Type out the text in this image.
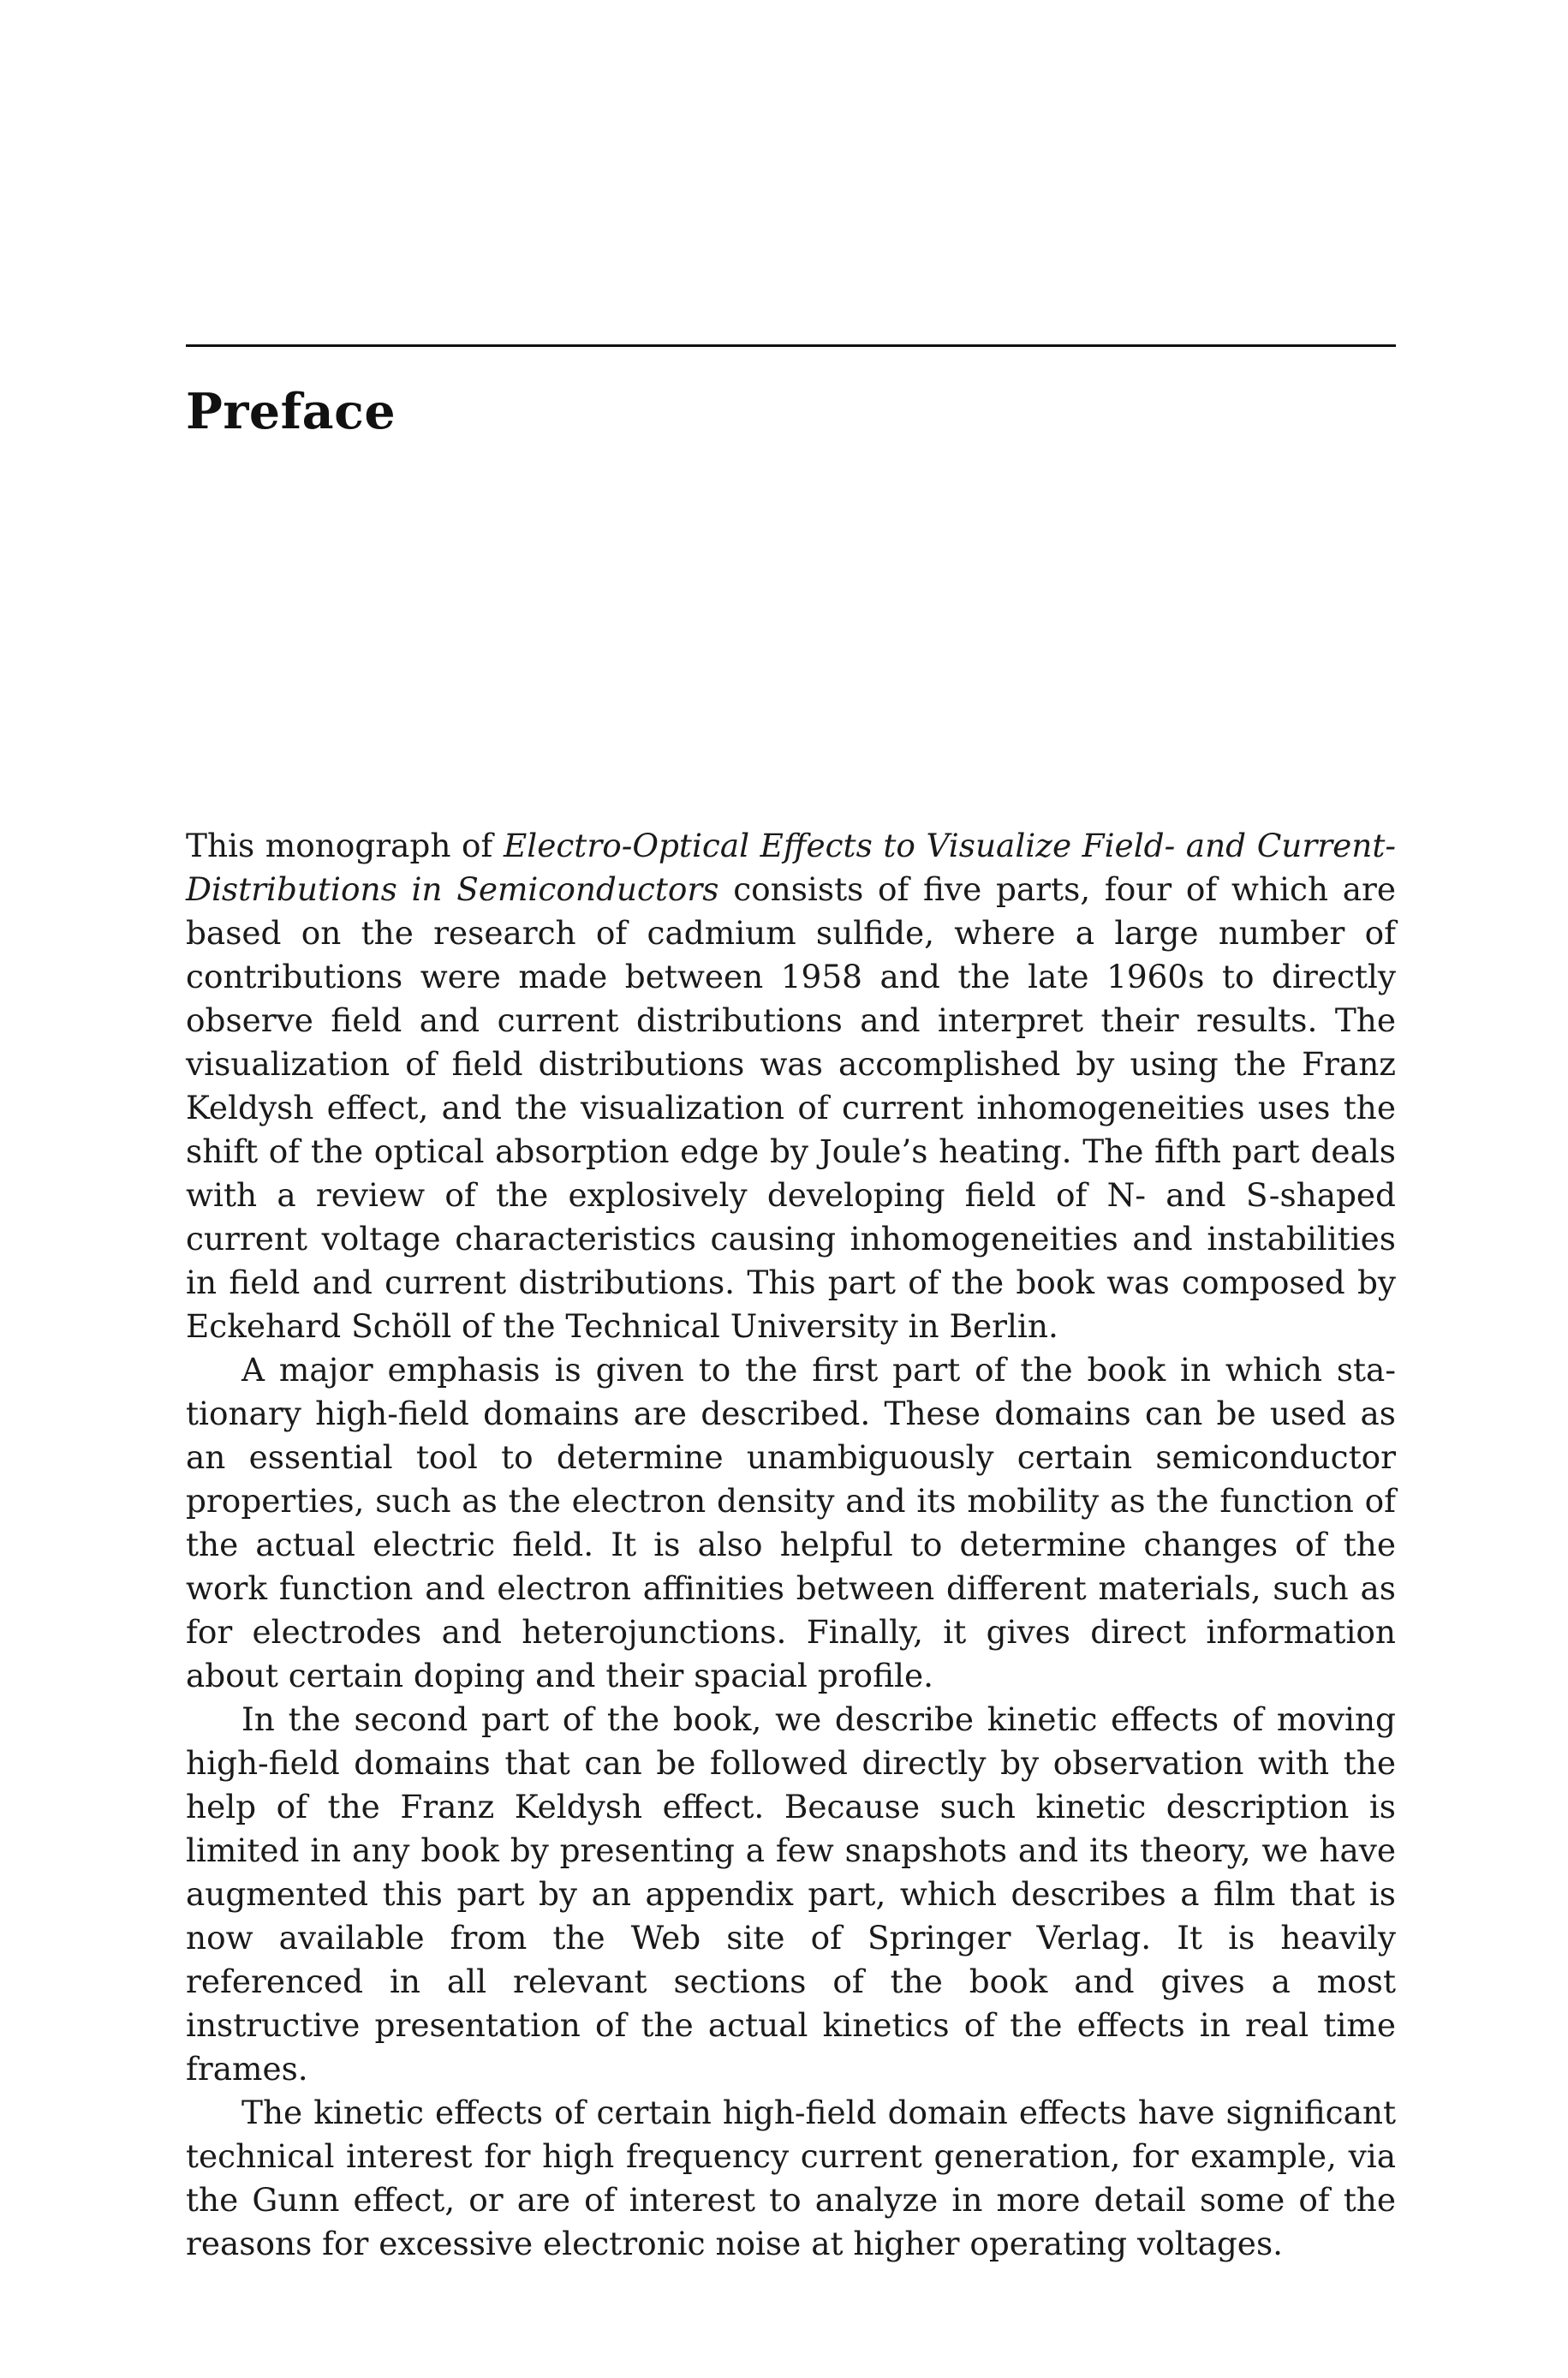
Preface

This monograph of Electro-Optical Effects to Visualize Field- and Current-Distributions in Semiconductors consists of five parts, four of which are based on the research of cadmium sulfide, where a large number of contributions were made between 1958 and the late 1960s to directly observe field and current distributions and interpret their results. The visualization of field distributions was accomplished by using the Franz Keldysh effect, and the visualization of current inhomogeneities uses the shift of the optical absorption edge by Joule’s heating. The fifth part deals with a review of the explosively developing field of N- and S-shaped current voltage characteristics causing inhomogeneities and instabilities in field and current distributions. This part of the book was composed by Eckehard Schöll of the Technical University in Berlin.

A major emphasis is given to the first part of the book in which stationary high-field domains are described. These domains can be used as an essential tool to determine unambiguously certain semiconductor properties, such as the electron density and its mobility as the function of the actual electric field. It is also helpful to determine changes of the work function and electron affinities between different materials, such as for electrodes and heterojunctions. Finally, it gives direct information about certain doping and their spacial profile.

In the second part of the book, we describe kinetic effects of moving high-field domains that can be followed directly by observation with the help of the Franz Keldysh effect. Because such kinetic description is limited in any book by presenting a few snapshots and its theory, we have augmented this part by an appendix part, which describes a film that is now available from the Web site of Springer Verlag. It is heavily referenced in all relevant sections of the book and gives a most instructive presentation of the actual kinetics of the effects in real time frames.

The kinetic effects of certain high-field domain effects have significant technical interest for high frequency current generation, for example, via the Gunn effect, or are of interest to analyze in more detail some of the reasons for excessive electronic noise at higher operating voltages.
